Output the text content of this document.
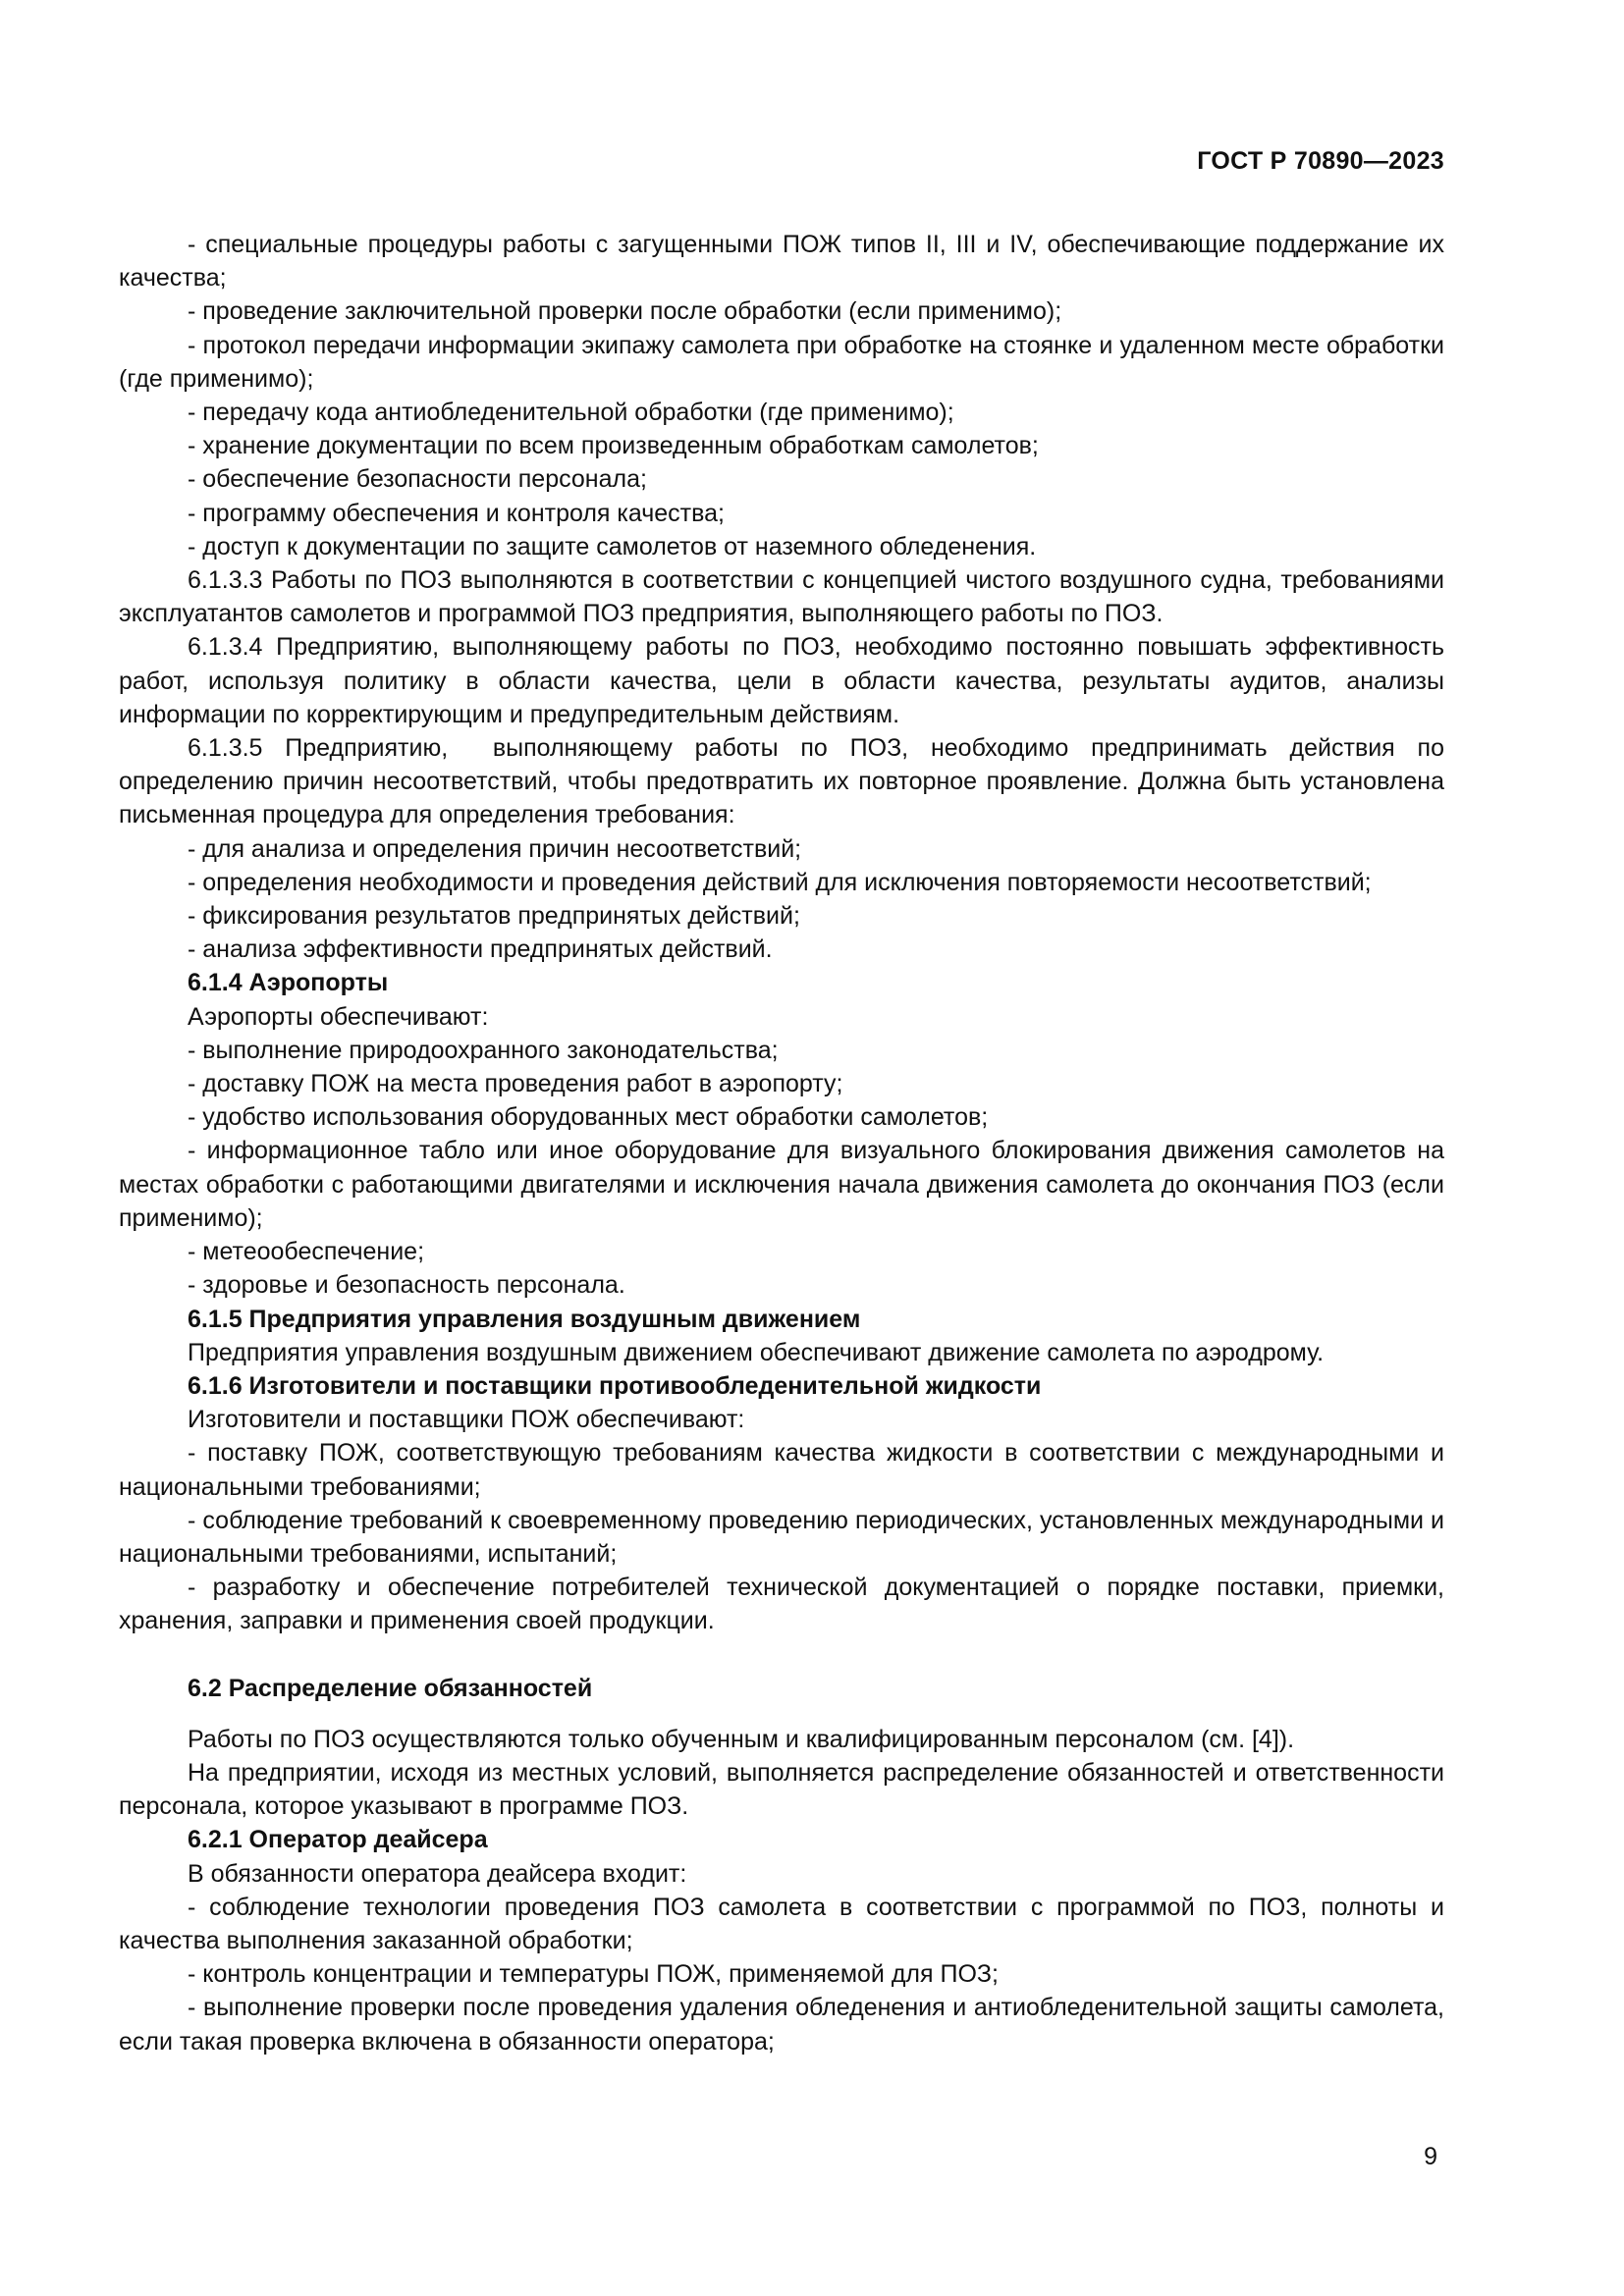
ГОСТ Р 70890—2023

- специальные процедуры работы с загущенными ПОЖ типов II, III и IV, обеспечивающие поддержание их качества;

- проведение заключительной проверки после обработки (если применимо);

- протокол передачи информации экипажу самолета при обработке на стоянке и удаленном месте обработки (где применимо);

- передачу кода антиобледенительной обработки (где применимо);

- хранение документации по всем произведенным обработкам самолетов;

- обеспечение безопасности персонала;

- программу обеспечения и контроля качества;

- доступ к документации по защите самолетов от наземного обледенения.

6.1.3.3 Работы по ПОЗ выполняются в соответствии с концепцией чистого воздушного судна, требованиями эксплуатантов самолетов и программой ПОЗ предприятия, выполняющего работы по ПОЗ.

6.1.3.4 Предприятию, выполняющему работы по ПОЗ, необходимо постоянно повышать эффективность работ, используя политику в области качества, цели в области качества, результаты аудитов, анализы информации по корректирующим и предупредительным действиям.

6.1.3.5 Предприятию,  выполняющему работы по ПОЗ, необходимо предпринимать действия по определению причин несоответствий, чтобы предотвратить их повторное проявление. Должна быть установлена письменная процедура для определения требования:

- для анализа и определения причин несоответствий;

- определения необходимости и проведения действий для исключения повторяемости несоответствий;

- фиксирования результатов предпринятых действий;

- анализа эффективности предпринятых действий.

6.1.4 Аэропорты

Аэропорты обеспечивают:

- выполнение природоохранного законодательства;

- доставку ПОЖ на места проведения работ в аэропорту;

- удобство использования оборудованных мест обработки самолетов;

- информационное табло или иное оборудование для визуального блокирования движения самолетов на местах обработки с работающими двигателями и исключения начала движения самолета до окончания ПОЗ (если применимо);

- метеообеспечение;

- здоровье и безопасность персонала.

6.1.5 Предприятия управления воздушным движением

Предприятия управления воздушным движением обеспечивают движение самолета по аэродрому.

6.1.6 Изготовители и поставщики противообледенительной жидкости

Изготовители и поставщики ПОЖ обеспечивают:

- поставку ПОЖ, соответствующую требованиям качества жидкости в соответствии с международными и национальными требованиями;

- соблюдение требований к своевременному проведению периодических, установленных международными и национальными требованиями, испытаний;

- разработку и обеспечение потребителей технической документацией о порядке поставки, приемки, хранения, заправки и применения своей продукции.

6.2 Распределение обязанностей

Работы по ПОЗ осуществляются только обученным и квалифицированным персоналом (см. [4]).

На предприятии, исходя из местных условий, выполняется распределение обязанностей и ответственности персонала, которое указывают в программе ПОЗ.

6.2.1 Оператор деайсера

В обязанности оператора деайсера входит:

- соблюдение технологии проведения ПОЗ самолета в соответствии с программой по ПОЗ, полноты и качества выполнения заказанной обработки;

- контроль концентрации и температуры ПОЖ, применяемой для ПОЗ;

- выполнение проверки после проведения удаления обледенения и антиобледенительной защиты самолета, если такая проверка включена в обязанности оператора;

9
